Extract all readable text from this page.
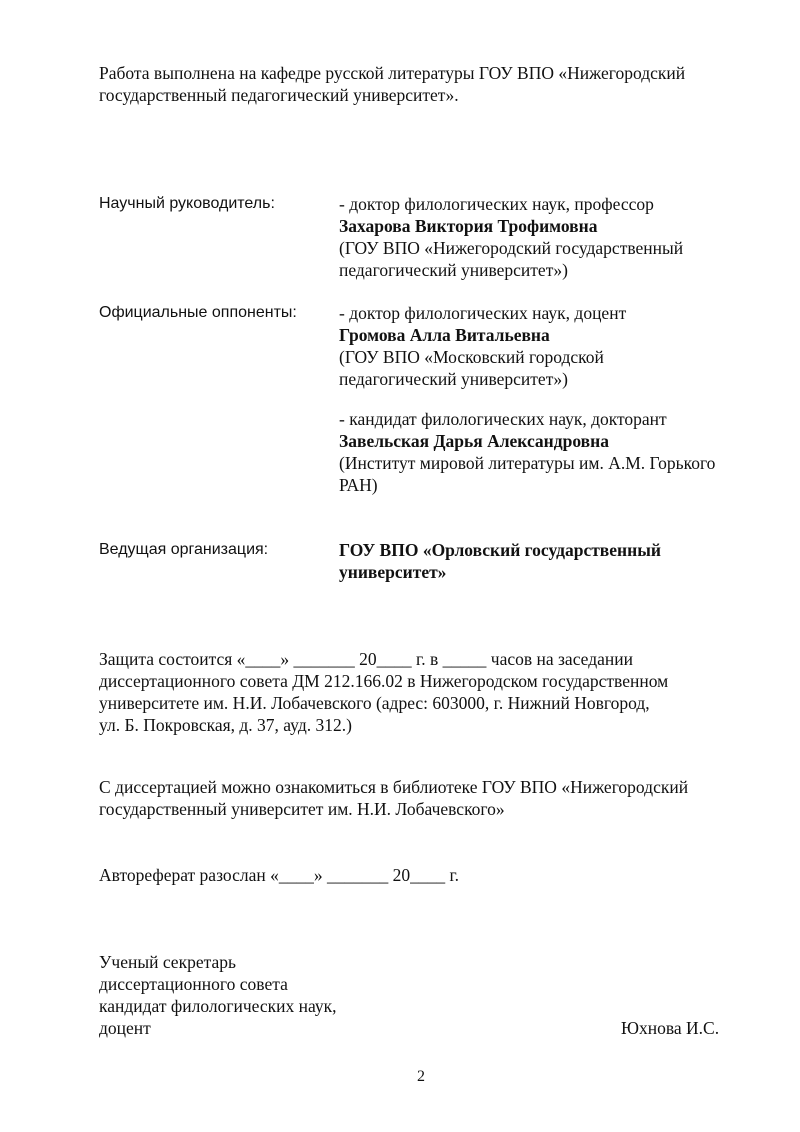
Работа выполнена на кафедре русской литературы ГОУ ВПО «Нижегородский
государственный педагогический университет».
Научный руководитель:	- доктор филологических наук, профессор
Захарова Виктория Трофимовна
(ГОУ ВПО «Нижегородский государственный
педагогический университет»)
Официальные оппоненты: - доктор филологических наук, доцент
Громова Алла Витальевна
(ГОУ ВПО «Московский городской
педагогический университет»)
- кандидат филологических наук, докторант
Завельская Дарья Александровна
(Институт мировой литературы им. А.М. Горького
РАН)
Ведущая организация:	ГОУ ВПО «Орловский государственный
университет»
Защита состоится «____» _______ 20____ г. в _____ часов на заседании
диссертационного совета ДМ 212.166.02 в Нижегородском государственном
университете им. Н.И. Лобачевского (адрес: 603000, г. Нижний Новгород,
ул. Б. Покровская, д. 37, ауд. 312.)
С диссертацией можно ознакомиться в библиотеке ГОУ ВПО «Нижегородский
государственный университет им. Н.И. Лобачевского»
Автореферат разослан «____» _______ 20____ г.
Ученый секретарь
диссертационного совета
кандидат филологических наук,
доцент	Юхнова И.С.
2
